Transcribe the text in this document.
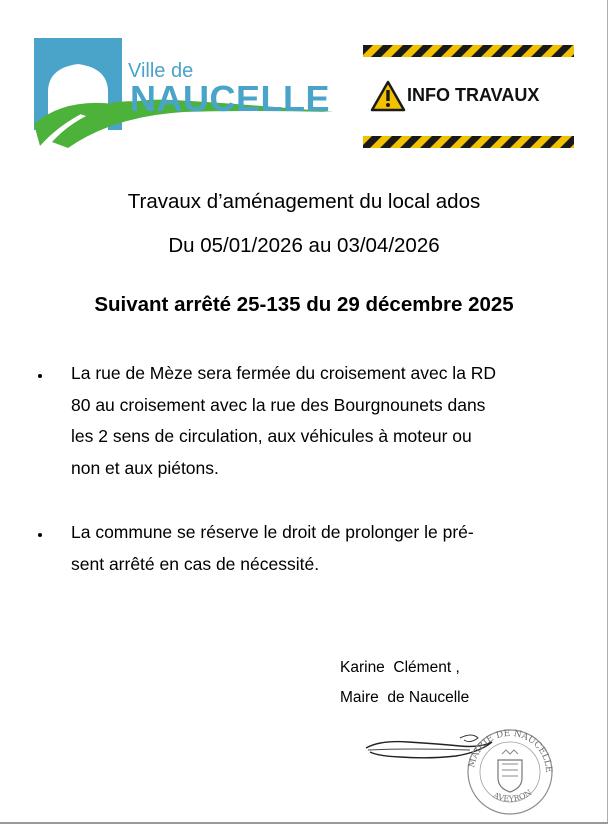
Ville de
NAUCELLE	INFO TRAVAUX
Travaux d’aménagement du local ados
Du 05/01/2026 au 03/04/2026
Suivant arrêté 25-135 du 29 décembre 2025
La rue de Mèze sera fermée du croisement avec la RD
80 au croisement avec la rue des Bourgnounets dans
les 2 sens de circulation, aux véhicules à moteur ou
non et aux piétons.
La commune se réserve le droit de prolonger le pré-
sent arrêté en cas de nécessité.
Karine  Clément ,
Maire  de Naucelle
MAIRIE DE NAUCELLE
AVEYRON
